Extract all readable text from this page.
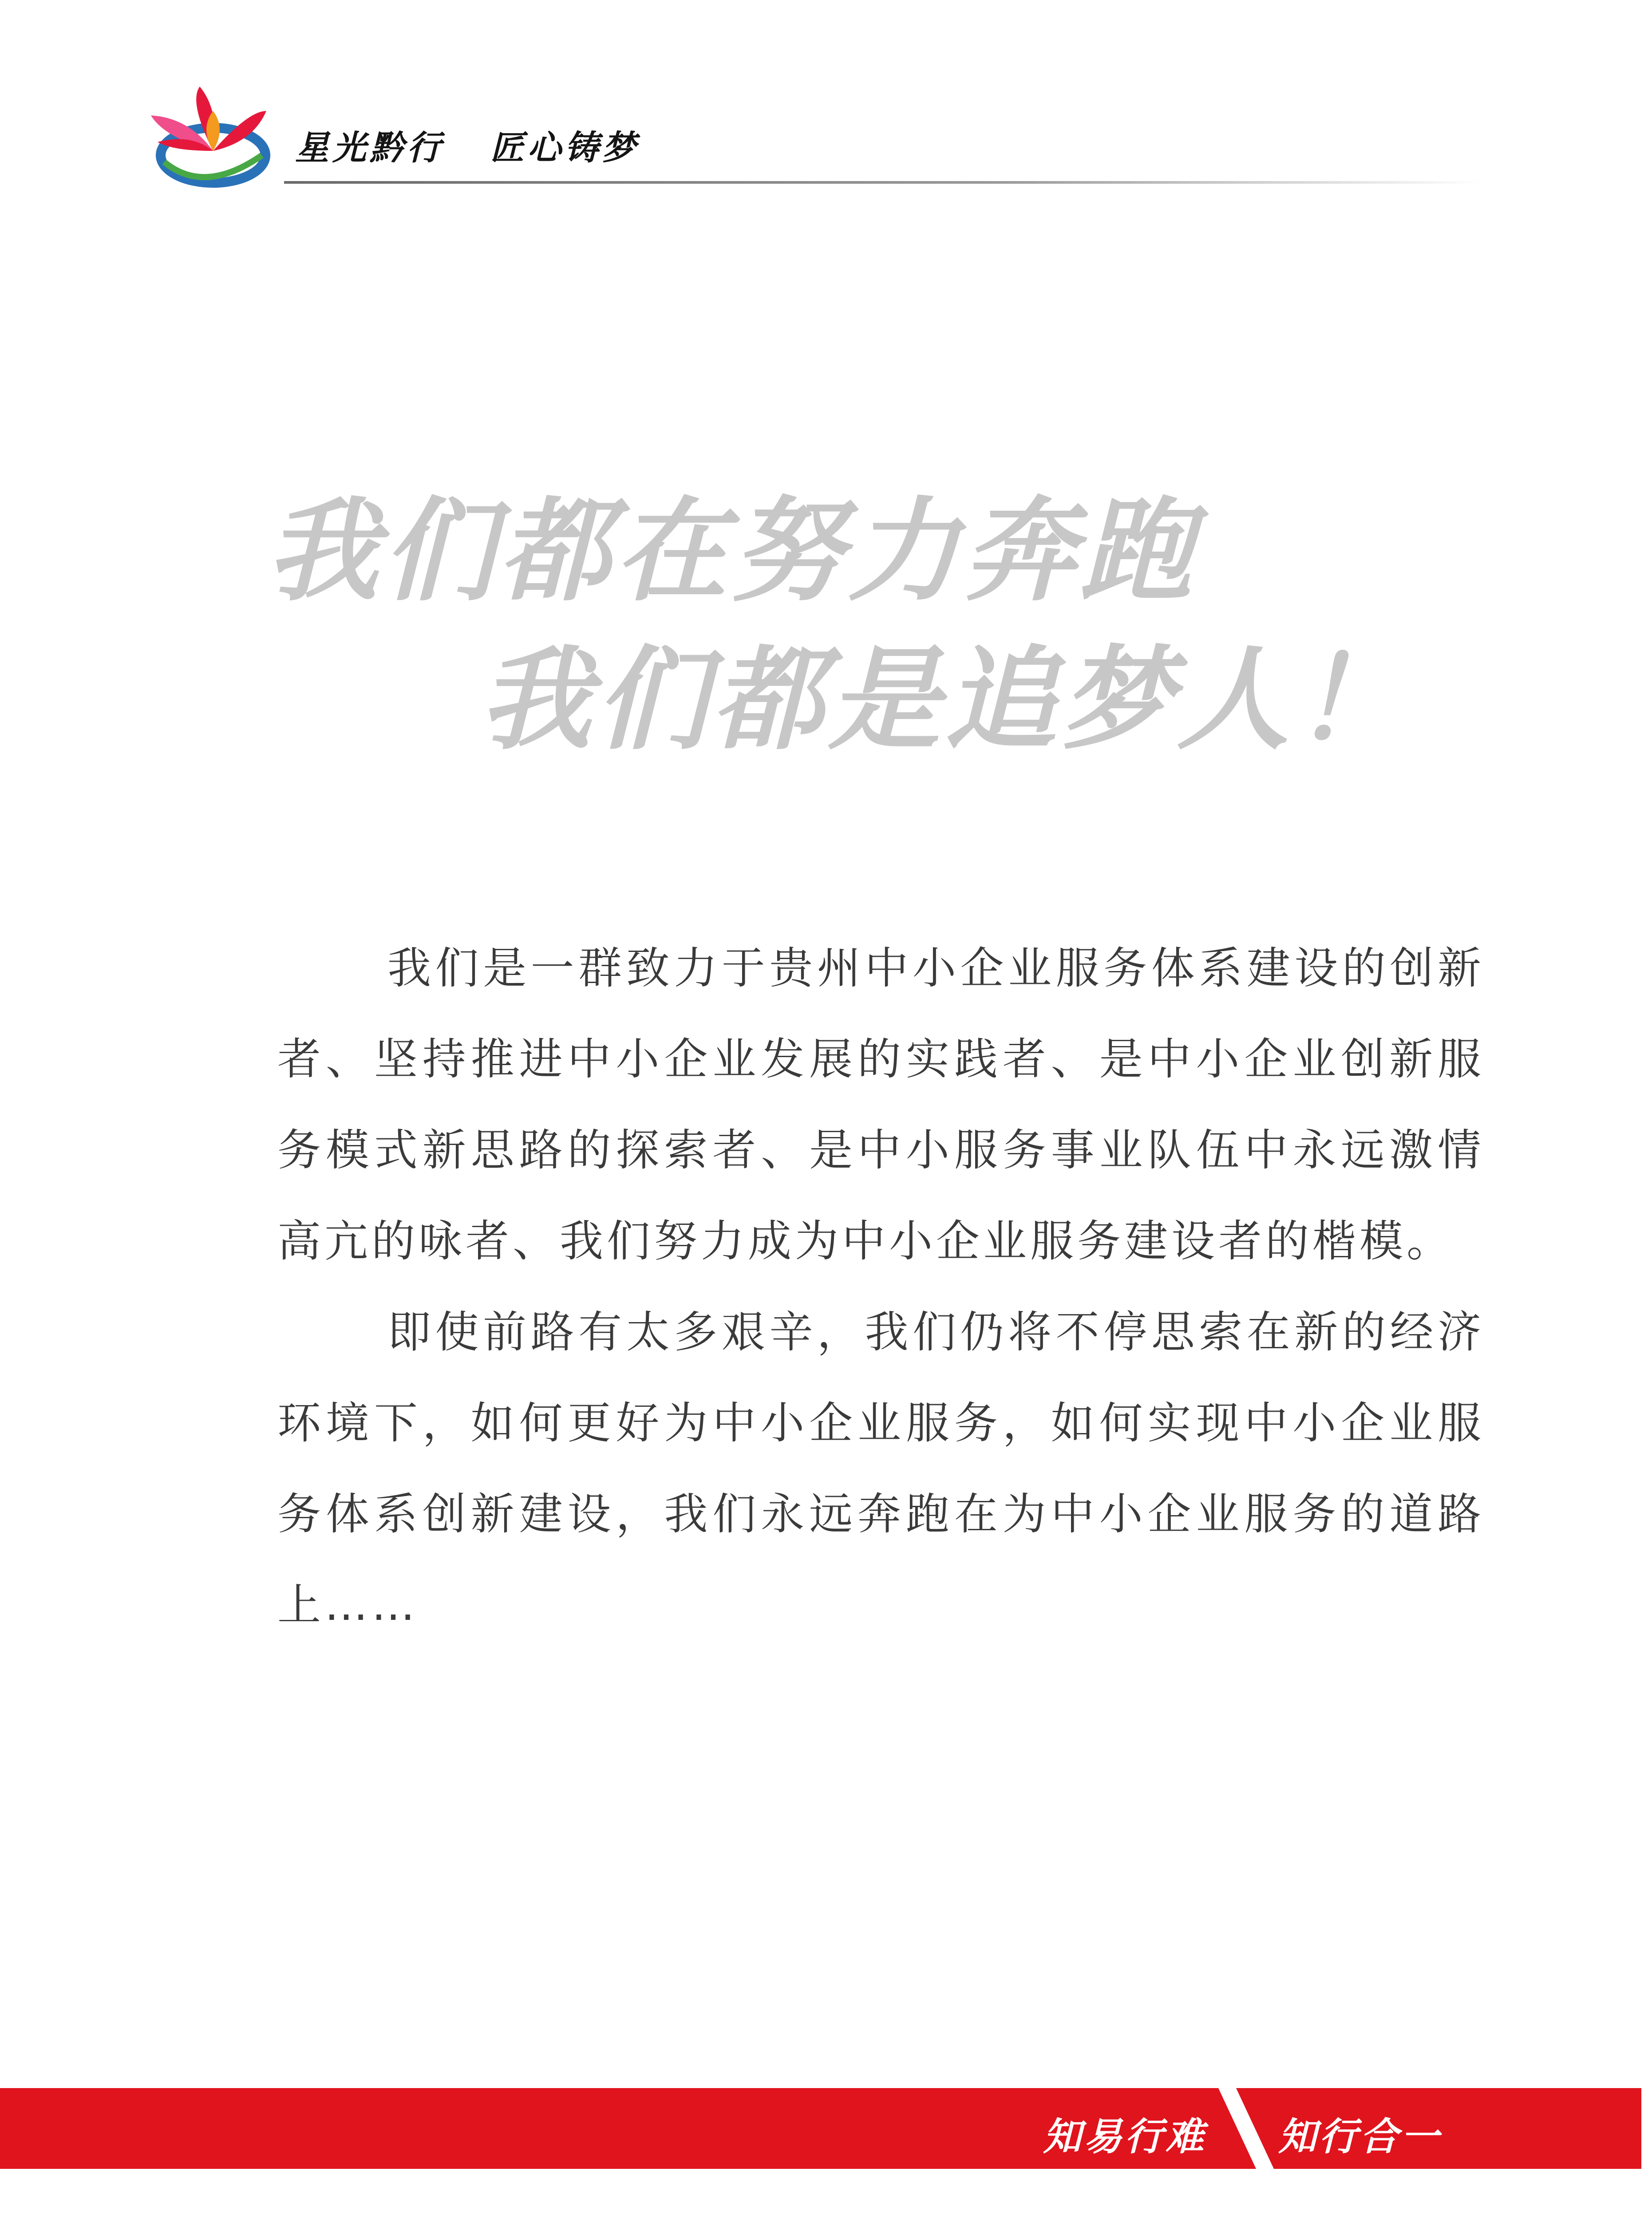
星光黔行   匠心铸梦
我们都在努力奔跑
我们都是追梦人！

我们是一群致力于贵州中小企业服务体系建设的创新者、坚持推进中小企业发展的实践者、是中小企业创新服务模式新思路的探索者、是中小服务事业队伍中永远激情高亢的咏者、我们努力成为中小企业服务建设者的楷模。

即使前路有太多艰辛，我们仍将不停思索在新的经济环境下，如何更好为中小企业服务，如何实现中小企业服务体系创新建设，我们永远奔跑在为中小企业服务的道路上……

知易行难 知行合一
